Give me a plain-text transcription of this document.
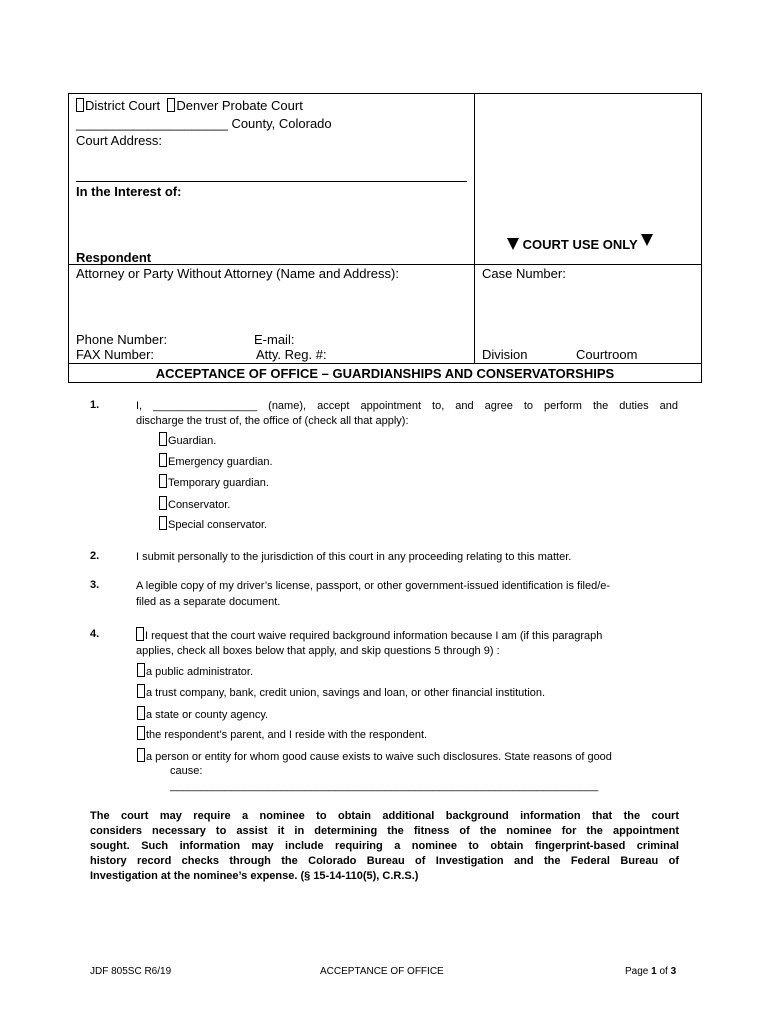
District Court Denver Probate Court
_____________________ County, Colorado
Court Address:
In the Interest of:
Respondent
Attorney or Party Without Attorney (Name and Address):
Phone Number:	E-mail:
FAX Number:	Atty. Reg. #:
COURT USE ONLY
Case Number:
Division	Courtroom
ACCEPTANCE OF OFFICE – GUARDIANSHIPS AND CONSERVATORSHIPS
1.	I, _________________ (name), accept appointment to, and agree to perform the duties and
discharge the trust of, the office of (check all that apply):
Guardian.
Emergency guardian.
Temporary guardian.
Conservator.
Special conservator.
2.	I submit personally to the jurisdiction of this court in any proceeding relating to this matter.
3.	A legible copy of my driver’s license, passport, or other government-issued identification is filed/e-
filed as a separate document.
4.	I request that the court waive required background information because I am (if this paragraph
applies, check all boxes below that apply, and skip questions 5 through 9) :
a public administrator.
a trust company, bank, credit union, savings and loan, or other financial institution.
a state or county agency.
the respondent’s parent, and I reside with the respondent.
a person or entity for whom good cause exists to waive such disclosures. State reasons of good
cause:
______________________________________________________________________
The court may require a nominee to obtain additional background information that the court
considers necessary to assist it in determining the fitness of the nominee for the appointment
sought. Such information may include requiring a nominee to obtain fingerprint-based criminal
history record checks through the Colorado Bureau of Investigation and the Federal Bureau of
Investigation at the nominee’s expense. (§ 15-14-110(5), C.R.S.)
JDF 805SC R6/19	ACCEPTANCE OF OFFICE	Page 1 of 3
